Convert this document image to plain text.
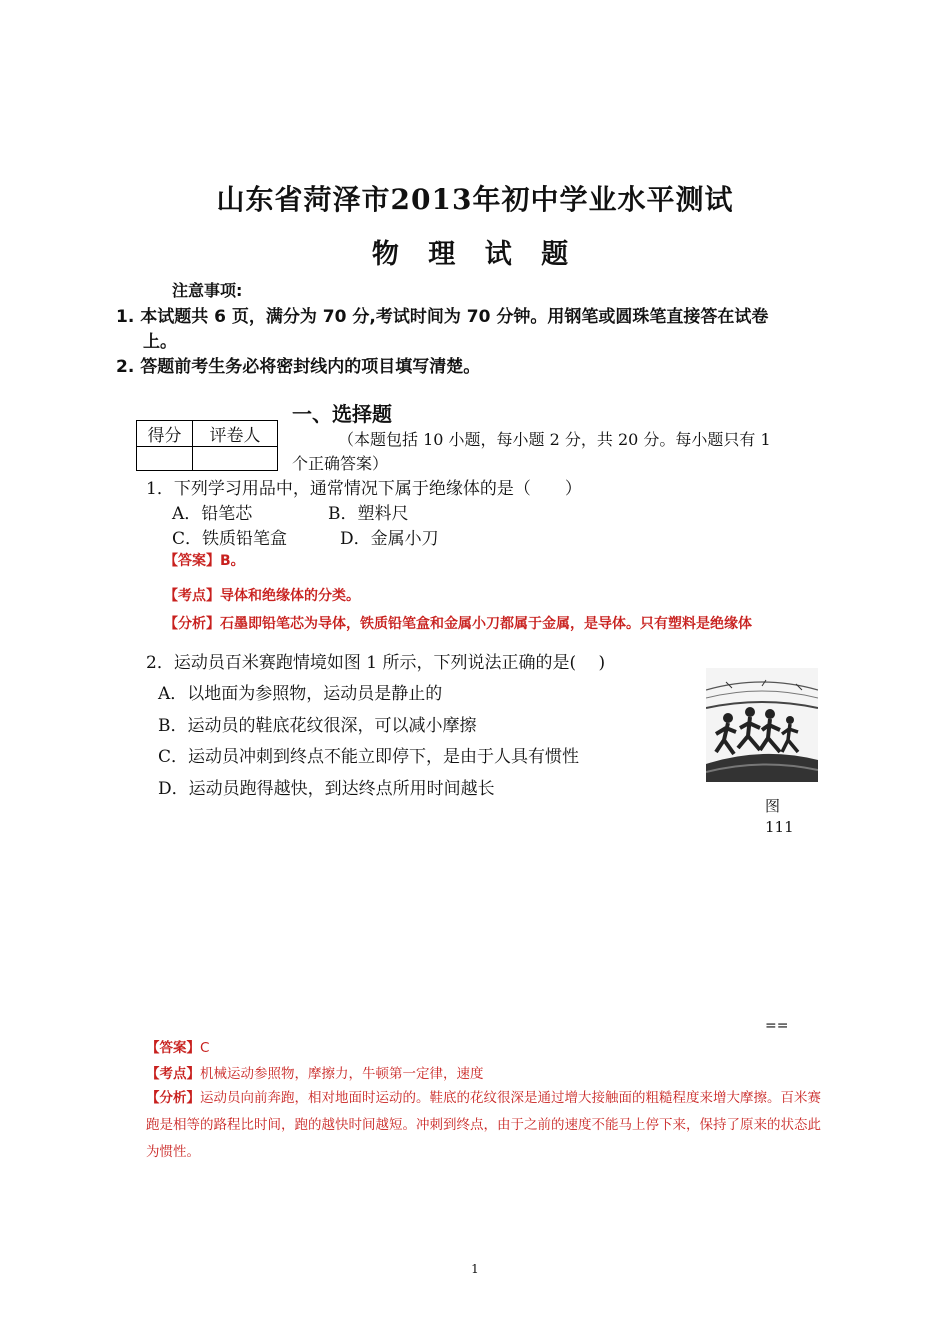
山东省菏泽市2013年初中学业水平测试
物 理 试 题
注意事项:
1. 本试题共 6 页，满分为 70 分,考试时间为 70 分钟。用钢笔或圆珠笔直接答在试卷
上。
2. 答题前考生务必将密封线内的项目填写清楚。
一、选择题
得分	评卷人
		（本题包括 10 小题，每小题 2 分，共 20 分。每小题只有 1
个正确答案）
1．下列学习用品中，通常情况下属于绝缘体的是（　　）
A．铅笔芯	B．塑料尺
C．铁质铅笔盒	D．金属小刀
【答案】B。
【考点】导体和绝缘体的分类。
【分析】石墨即铅笔芯为导体，铁质铅笔盒和金属小刀都属于金属，是导体。只有塑料是绝缘体
2．运动员百米赛跑情境如图 1 所示，下列说法正确的是(　 )
A．以地面为参照物，运动员是静止的
B．运动员的鞋底花纹很深，可以减小摩擦
C．运动员冲刺到终点不能立即停下，是由于人具有惯性
D．运动员跑得越快，到达终点所用时间越长
图
111
==
【答案】C
【考点】机械运动参照物，摩擦力，牛顿第一定律，速度
【分析】运动员向前奔跑，相对地面时运动的。鞋底的花纹很深是通过增大接触面的粗糙程度来增大摩擦。百米赛
跑是相等的路程比时间，跑的越快时间越短。冲刺到终点，由于之前的速度不能马上停下来，保持了原来的状态此
为惯性。
1
